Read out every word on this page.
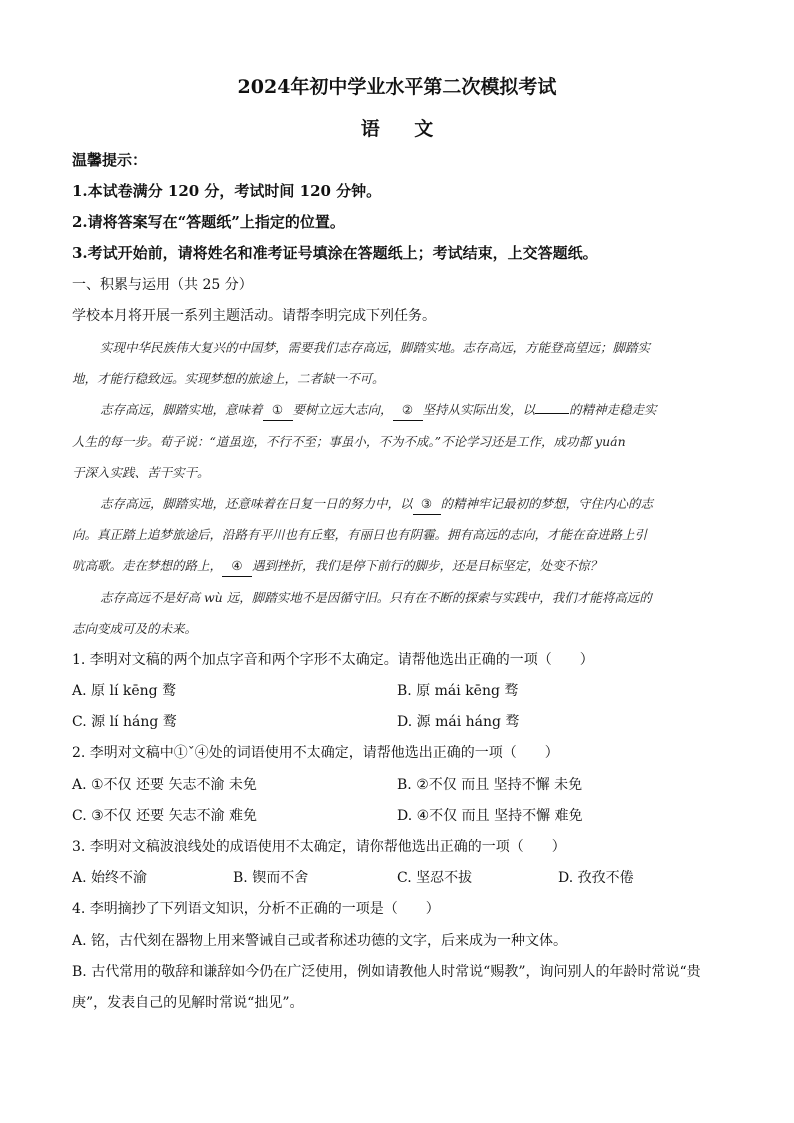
2024年初中学业水平第二次模拟考试
语 文
温馨提示：
1.本试卷满分 120 分，考试时间 120 分钟。
2.请将答案写在“答题纸”上指定的位置。
3.考试开始前，请将姓名和准考证号填涂在答题纸上；考试结束，上交答题纸。
一、积累与运用（共 25 分）
学校本月将开展一系列主题活动。请帮李明完成下列任务。
实现中华民族伟大复兴的中国梦，需要我们志存高远，脚踏实地。志存高远，方能登高望远；脚踏实
地，才能行稳致远。实现梦想的旅途上，二者缺一不可。
志存高远，脚踏实地，意味着 ① 要树立远大志向， ② 坚持从实际出发，以	的精神走稳走实
人生的每一步。荀子说：“道虽迩，不行不至；事虽小，不为不成。”不论学习还是工作，成功都 yuán
于深入实践、苦干实干。
志存高远，脚踏实地，还意味着在日复一日的努力中，以 ③ 的精神牢记最初的梦想，守住内心的志
向。真正踏上追梦旅途后，沿路有平川也有丘壑，有丽日也有阴霾。拥有高远的志向，才能在奋进路上引
吭高歌。走在梦想的路上， ④ 遇到挫折，我们是停下前行的脚步，还是目标坚定，处变不惊？
志存高远不是好高 wù 远，脚踏实地不是因循守旧。只有在不断的探索与实践中，我们才能将高远的
志向变成可及的未来。
1. 李明对文稿的两个加点字音和两个字形不太确定。请帮他选出正确的一项（　　）
A. 原 lí kēng 鹜	B. 原 mái kēng 骛
C. 源 lí háng 鹜	D. 源 mái háng 骛
2. 李明对文稿中①ˇ④处的词语使用不太确定，请帮他选出正确的一项（　　）
A. ①不仅 还要 矢志不渝 未免	B. ②不仅 而且 坚持不懈 未免
C. ③不仅 还要 矢志不渝 难免	D. ④不仅 而且 坚持不懈 难免
3. 李明对文稿波浪线处的成语使用不太确定，请你帮他选出正确的一项（　　）
A. 始终不渝	B. 锲而不舍	C. 坚忍不拔	D. 孜孜不倦
4. 李明摘抄了下列语文知识，分析不正确的一项是（　　）
A. 铭，古代刻在器物上用来警诫自己或者称述功德的文字，后来成为一种文体。
B. 古代常用的敬辞和谦辞如今仍在广泛使用，例如请教他人时常说“赐教”，询问别人的年龄时常说“贵
庚”，发表自己的见解时常说“拙见”。
